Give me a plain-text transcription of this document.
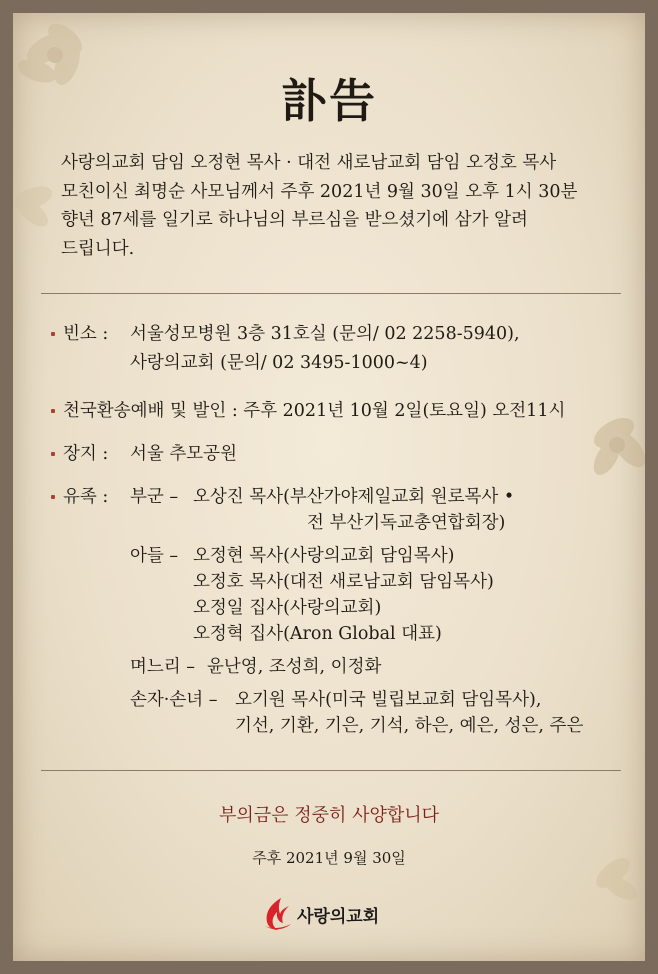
訃告
사랑의교회 담임 오정현 목사 · 대전 새로남교회 담임 오정호 목사
모친이신 최명순 사모님께서 주후 2021년 9월 30일 오후 1시 30분
향년 87세를 일기로 하나님의 부르심을 받으셨기에 삼가 알려
드립니다.
빈소 : 서울성모병원 3층 31호실 (문의/ 02 2258-5940),
사랑의교회 (문의/ 02 3495-1000~4)
천국환송예배 및 발인 : 주후 2021년 10월 2일(토요일) 오전11시
장지 : 서울 추모공원
유족 : 부군 – 오상진 목사(부산가야제일교회 원로목사 •
전 부산기독교총연합회장)
아들 – 오정현 목사(사랑의교회 담임목사)
오정호 목사(대전 새로남교회 담임목사)
오정일 집사(사랑의교회)
오정혁 집사(Aron Global 대표)
며느리 – 윤난영, 조성희, 이정화
손자·손녀 – 오기원 목사(미국 빌립보교회 담임목사),
기선, 기환, 기은, 기석, 하은, 예은, 성은, 주은
부의금은 정중히 사양합니다
주후 2021년 9월 30일
사랑의교회
